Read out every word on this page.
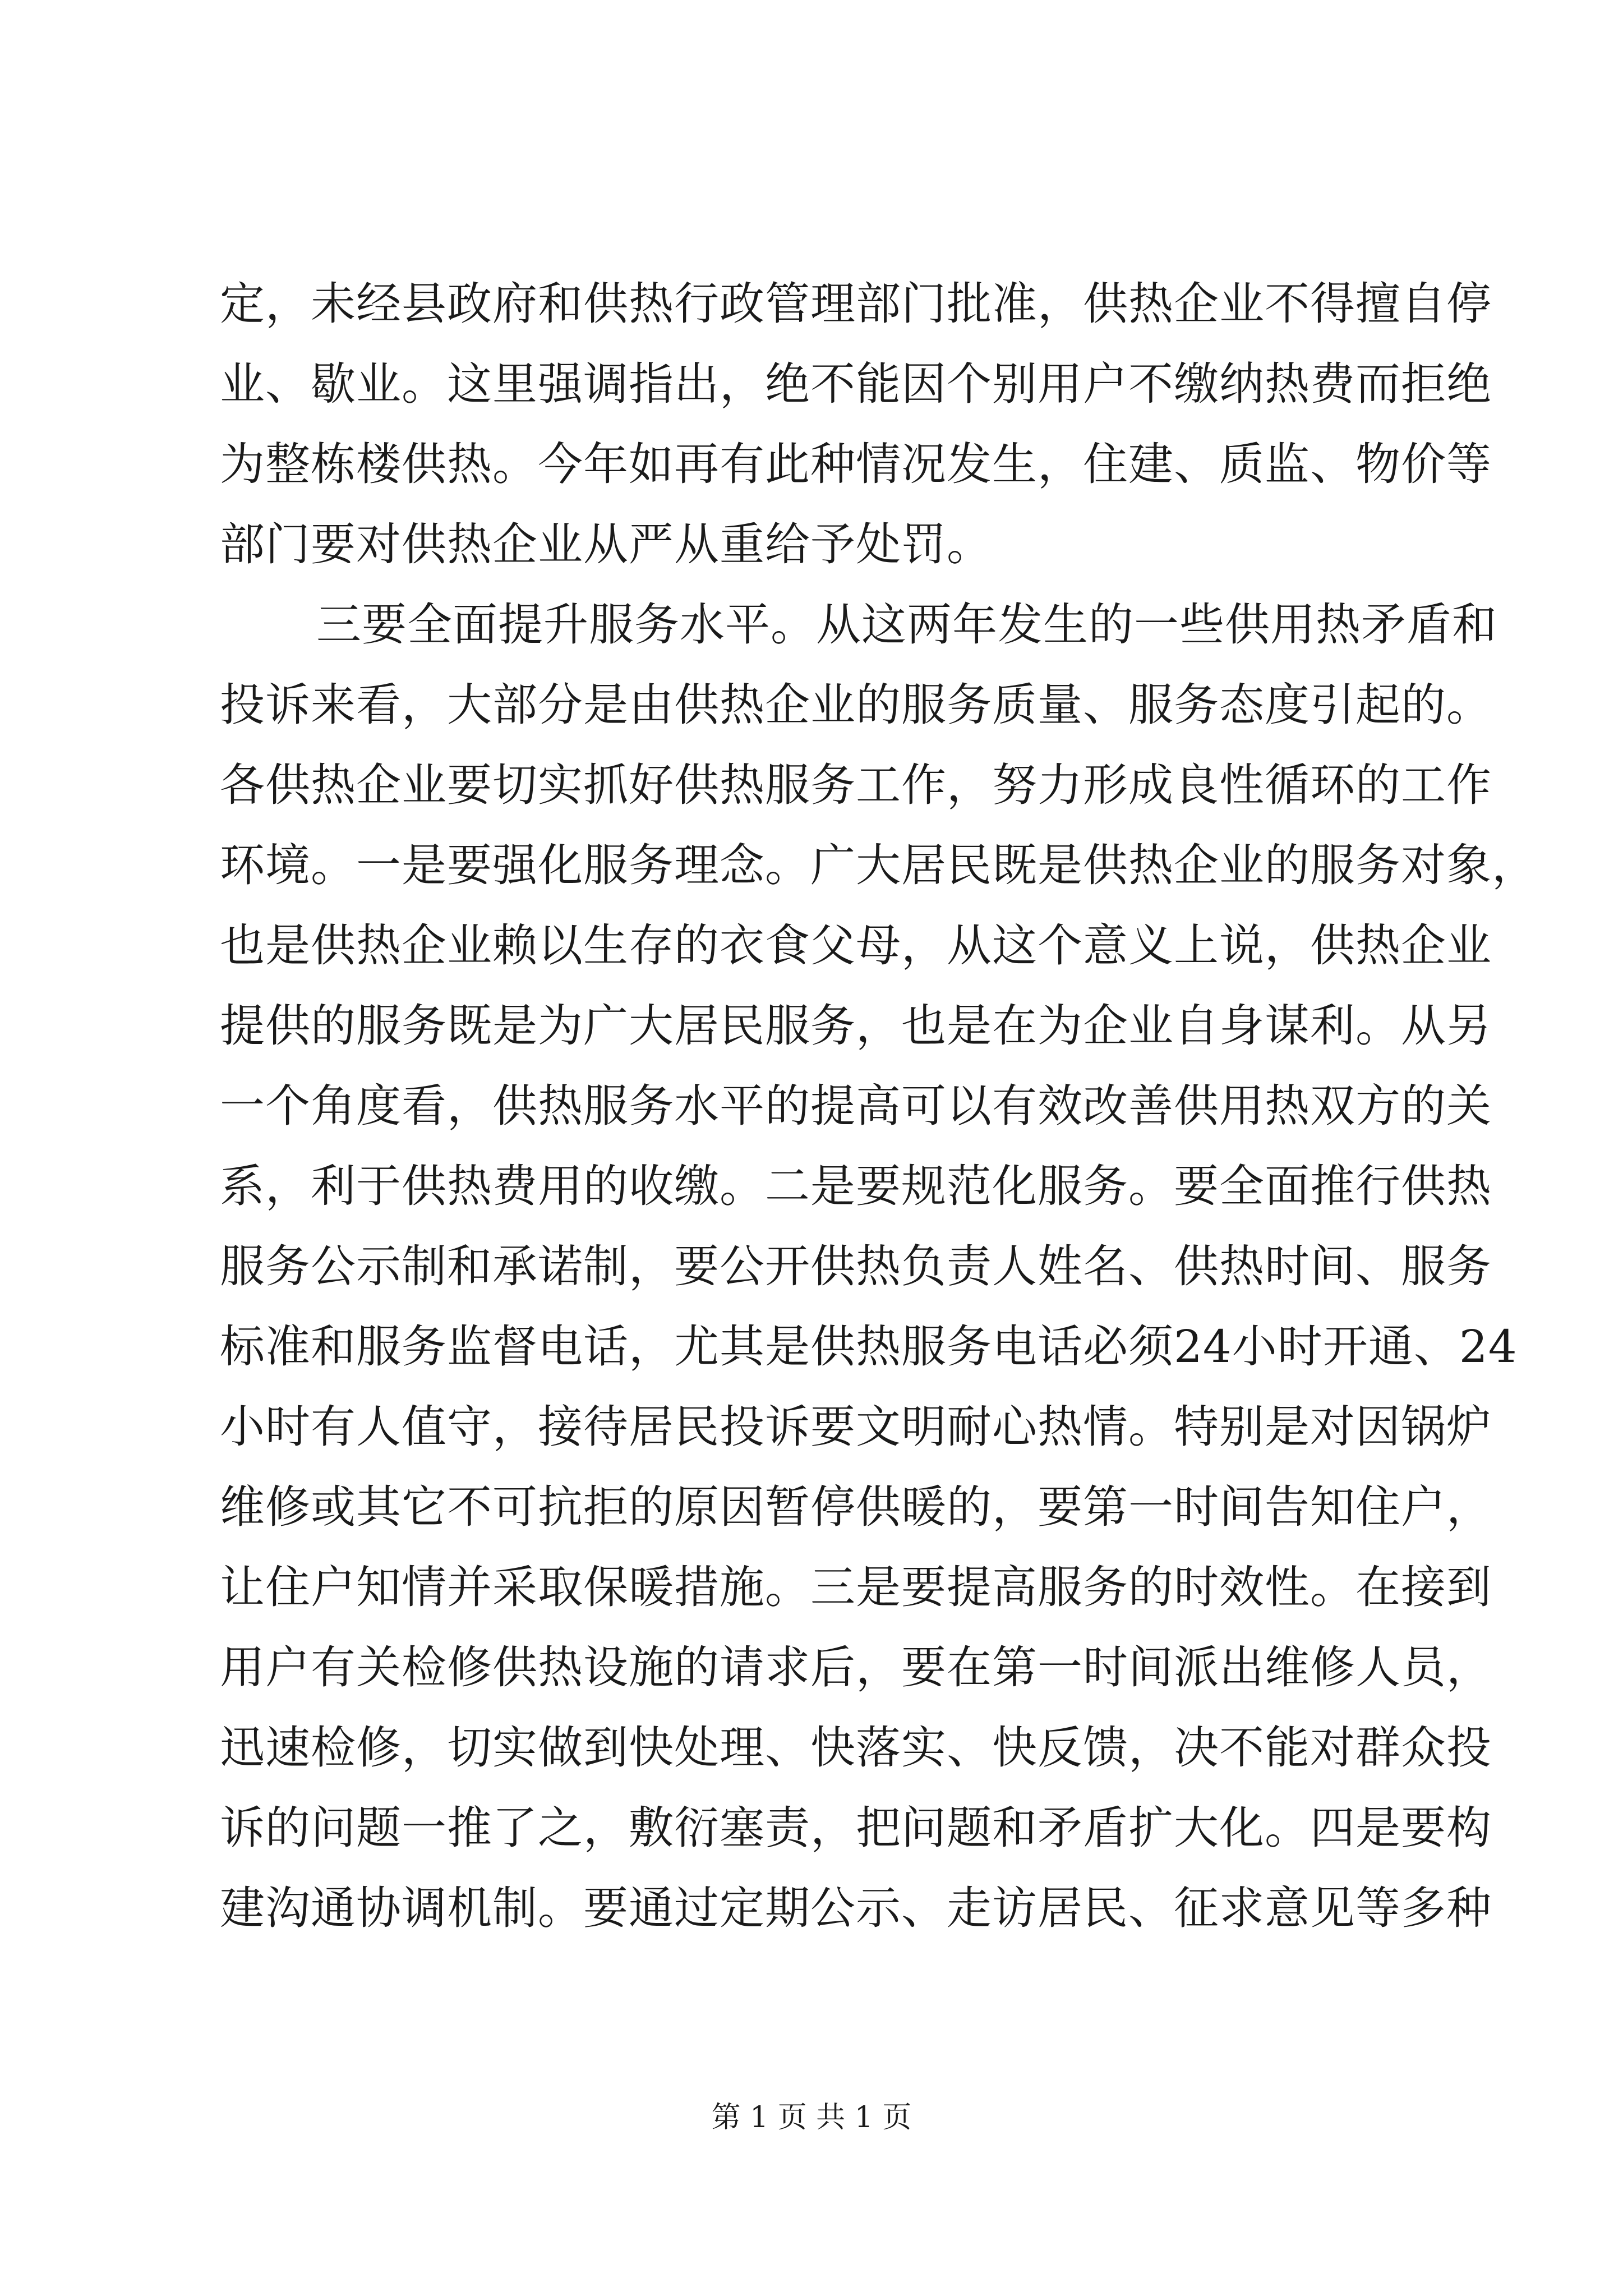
定，未经县政府和供热行政管理部门批准，供热企业不得擅自停
业、歇业。这里强调指出，绝不能因个别用户不缴纳热费而拒绝
为整栋楼供热。今年如再有此种情况发生，住建、质监、物价等
部门要对供热企业从严从重给予处罚。
三要全面提升服务水平。从这两年发生的一些供用热矛盾和
投诉来看，大部分是由供热企业的服务质量、服务态度引起的。
各供热企业要切实抓好供热服务工作，努力形成良性循环的工作
环境。一是要强化服务理念。广大居民既是供热企业的服务对象，
也是供热企业赖以生存的衣食父母，从这个意义上说，供热企业
提供的服务既是为广大居民服务，也是在为企业自身谋利。从另
一个角度看，供热服务水平的提高可以有效改善供用热双方的关
系，利于供热费用的收缴。二是要规范化服务。要全面推行供热
服务公示制和承诺制，要公开供热负责人姓名、供热时间、服务
标准和服务监督电话，尤其是供热服务电话必须24小时开通、24
小时有人值守，接待居民投诉要文明耐心热情。特别是对因锅炉
维修或其它不可抗拒的原因暂停供暖的，要第一时间告知住户，
让住户知情并采取保暖措施。三是要提高服务的时效性。在接到
用户有关检修供热设施的请求后，要在第一时间派出维修人员，
迅速检修，切实做到快处理、快落实、快反馈，决不能对群众投
诉的问题一推了之，敷衍塞责，把问题和矛盾扩大化。四是要构
建沟通协调机制。要通过定期公示、走访居民、征求意见等多种
第 1 页 共 1 页
